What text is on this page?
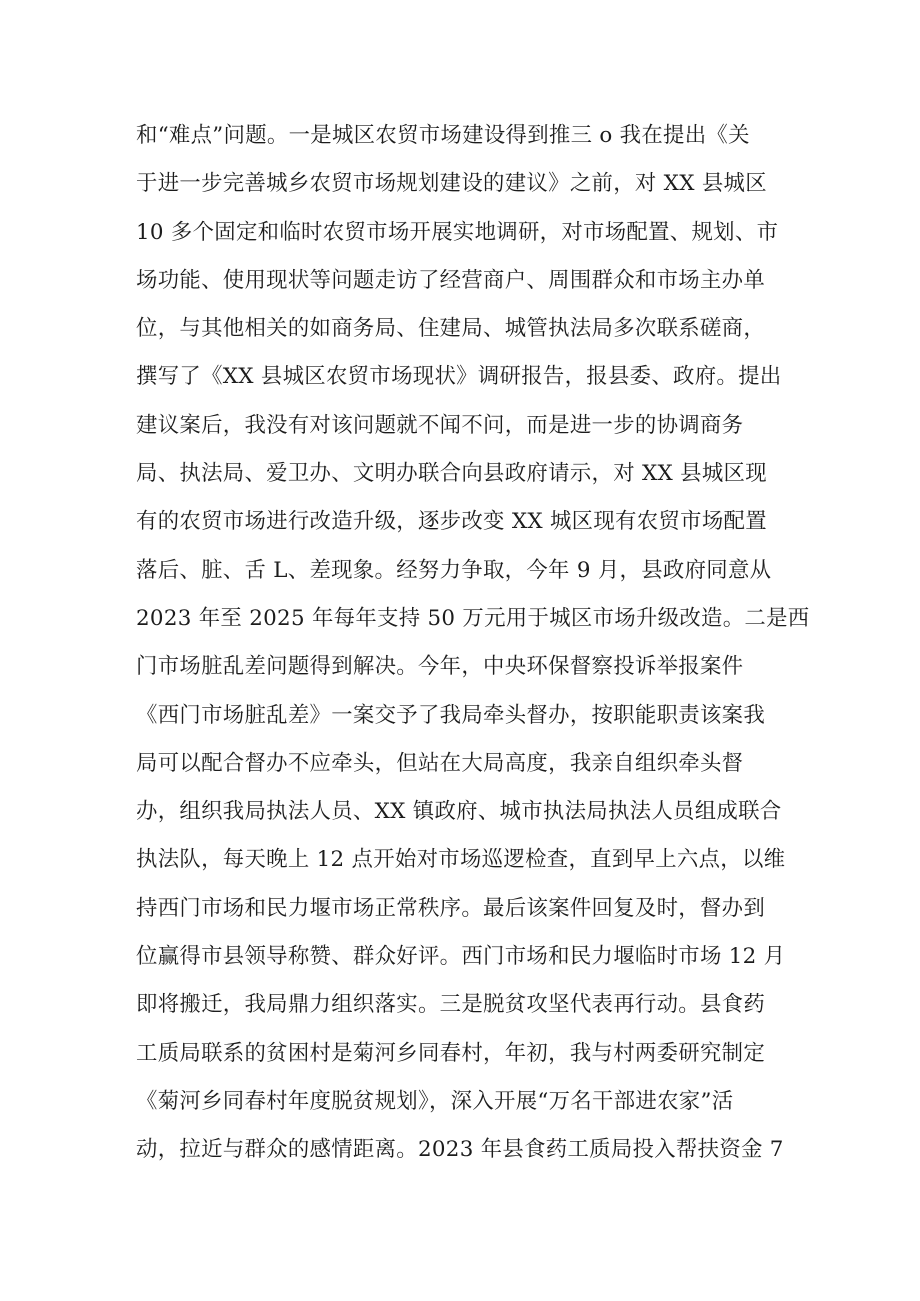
和“难点”问题。一是城区农贸市场建设得到推三 o 我在提出《关
于进一步完善城乡农贸市场规划建设的建议》之前，对 XX 县城区
10 多个固定和临时农贸市场开展实地调研，对市场配置、规划、市
场功能、使用现状等问题走访了经营商户、周围群众和市场主办单
位，与其他相关的如商务局、住建局、城管执法局多次联系磋商，
撰写了《XX 县城区农贸市场现状》调研报告，报县委、政府。提出
建议案后，我没有对该问题就不闻不问，而是进一步的协调商务
局、执法局、爱卫办、文明办联合向县政府请示，对 XX 县城区现
有的农贸市场进行改造升级，逐步改变 XX 城区现有农贸市场配置
落后、脏、舌 L、差现象。经努力争取，今年 9 月，县政府同意从
2023 年至 2025 年每年支持 50 万元用于城区市场升级改造。二是西
门市场脏乱差问题得到解决。今年，中央环保督察投诉举报案件
《西门市场脏乱差》一案交予了我局牵头督办，按职能职责该案我
局可以配合督办不应牵头，但站在大局高度，我亲自组织牵头督
办，组织我局执法人员、XX 镇政府、城市执法局执法人员组成联合
执法队，每天晚上 12 点开始对市场巡逻检查，直到早上六点，以维
持西门市场和民力堰市场正常秩序。最后该案件回复及时，督办到
位赢得市县领导称赞、群众好评。西门市场和民力堰临时市场 12 月
即将搬迁，我局鼎力组织落实。三是脱贫攻坚代表再行动。县食药
工质局联系的贫困村是菊河乡同春村，年初，我与村两委研究制定
《菊河乡同春村年度脱贫规划》，深入开展“万名干部进农家”活
动，拉近与群众的感情距离。2023 年县食药工质局投入帮扶资金 7
